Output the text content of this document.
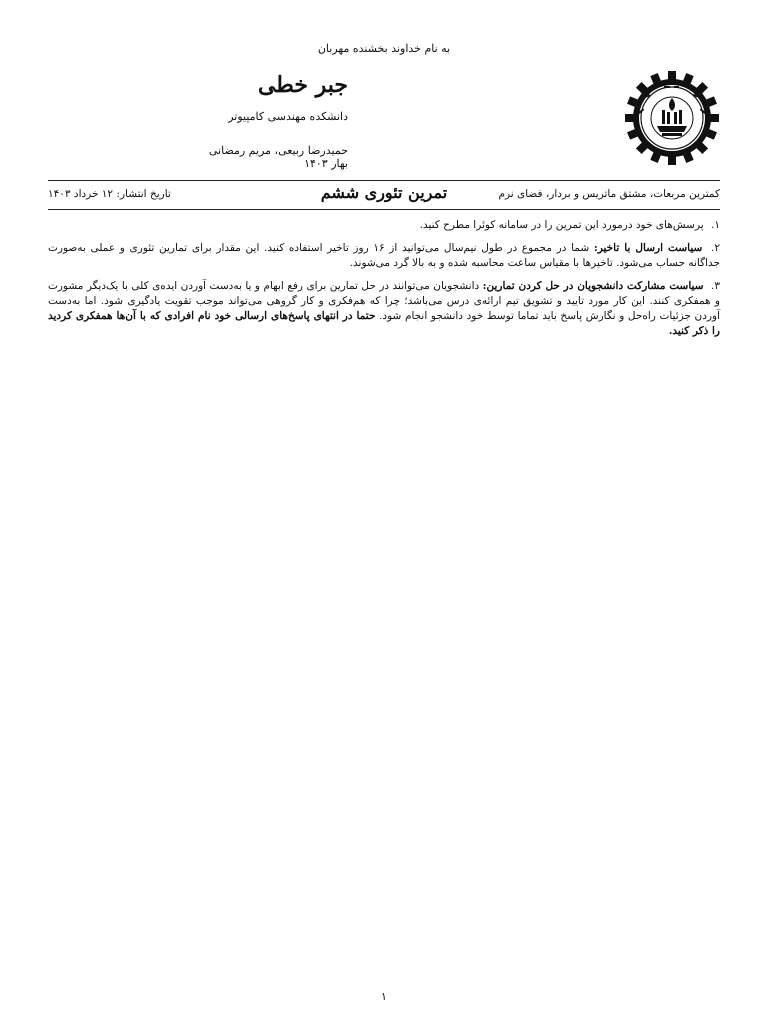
به نام خداوند بخشنده مهربان
جبر خطی
دانشکده مهندسی کامپیوتر
حمیدرضا ربیعی، مریم رمضانی
بهار ۱۴۰۳
کمترین مربعات، مشتق ماتریس و بردار، فضای نرم
تمرین تئوری ششم
تاریخ انتشار: ۱۲ خرداد ۱۴۰۳
۱. پرسش‌های خود درمورد این تمرین را در سامانه کوئرا مطرح کنید.
۲. سیاست ارسال با تاخیر: شما در مجموع در طول نیم‌سال می‌توانید از ۱۶ روز تاخیر استفاده کنید. این مقدار برای تمارین تئوری و عملی به‌صورت جداگانه حساب می‌شود. تاخیرها با مقیاس ساعت محاسبه شده و به بالا گرد می‌شوند.
۳. سیاست مشارکت دانشجویان در حل کردن تمارین: دانشجویان می‌توانند در حل تمارین برای رفع ابهام و یا به‌دست آوردن ایده‌ی کلی با یک‌دیگر مشورت و همفکری کنند. این کار مورد تایید و تشویق تیم ارائه‌ی درس می‌باشد؛ چرا که هم‌فکری و کار گروهی می‌تواند موجب تقویت یادگیری شود. اما به‌دست آوردن جزئیات راه‌حل و نگارش پاسخ باید تماما توسط خود دانشجو انجام شود. حتما در انتهای پاسخ‌های ارسالی خود نام افرادی که با آن‌ها همفکری کردید را ذکر کنید.
۱
